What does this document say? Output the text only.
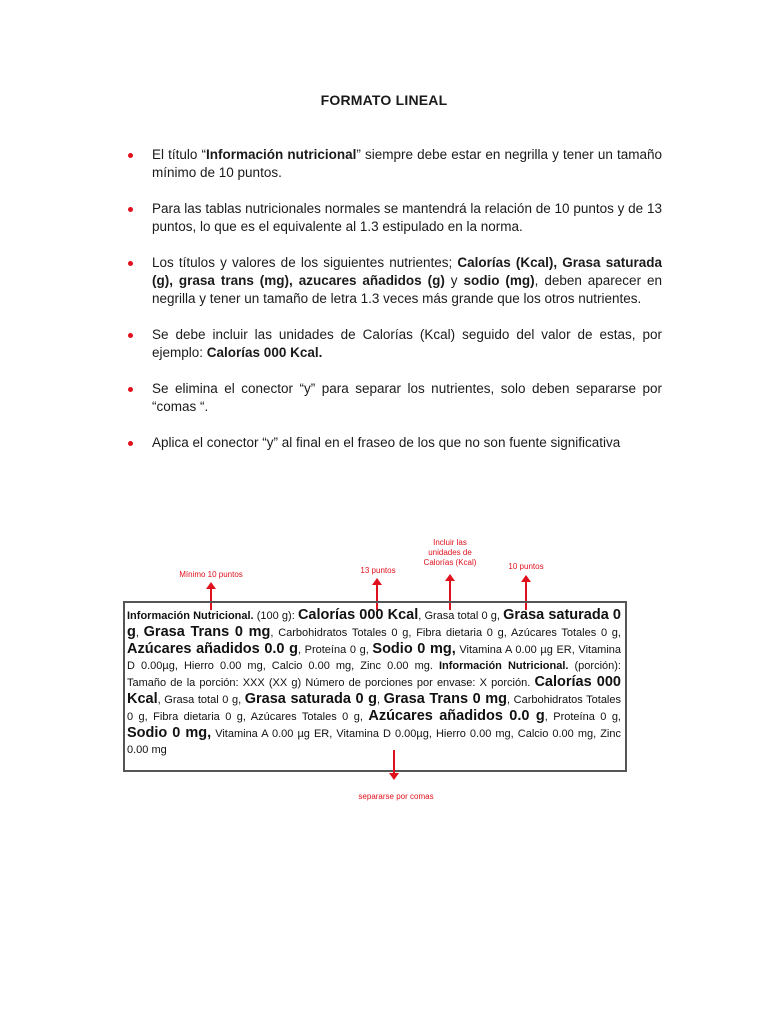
FORMATO LINEAL
El título “Información nutricional” siempre debe estar en negrilla y tener un tamaño mínimo de 10 puntos.
Para las tablas nutricionales normales se mantendrá la relación de 10 puntos y de 13 puntos, lo que es el equivalente al 1.3 estipulado en la norma.
Los títulos y valores de los siguientes nutrientes; Calorías (Kcal), Grasa saturada (g), grasa trans (mg), azucares añadidos (g) y sodio (mg), deben aparecer en negrilla y tener un tamaño de letra 1.3 veces más grande que los otros nutrientes.
Se debe incluir las unidades de Calorías (Kcal) seguido del valor de estas, por ejemplo: Calorías 000 Kcal.
Se elimina el conector “y” para separar los nutrientes, solo deben separarse por “comas “.
Aplica el conector “y” al final en el fraseo de los que no son fuente significativa
Mínimo 10 puntos	13 puntos
Incluir las unidades de Calorías (Kcal)	10 puntos
Información Nutricional. (100 g): Calorías 000 Kcal, Grasa total 0 g, Grasa saturada 0 g, Grasa Trans 0 mg, Carbohidratos Totales 0 g, Fibra dietaria 0 g, Azúcares Totales 0 g, Azúcares añadidos 0.0 g, Proteína 0 g, Sodio 0 mg, Vitamina A 0.00 µg ER, Vitamina D 0.00µg, Hierro 0.00 mg, Calcio 0.00 mg, Zinc 0.00 mg. Información Nutricional. (porción): Tamaño de la porción: XXX (XX g) Número de porciones por envase: X porción. Calorías 000 Kcal, Grasa total 0 g, Grasa saturada 0 g, Grasa Trans 0 mg, Carbohidratos Totales 0 g, Fibra dietaria 0 g, Azúcares Totales 0 g, Azúcares añadidos 0.0 g, Proteína 0 g, Sodio 0 mg, Vitamina A 0.00 µg ER, Vitamina D 0.00µg, Hierro 0.00 mg, Calcio 0.00 mg, Zinc 0.00 mg
separarse por comas
